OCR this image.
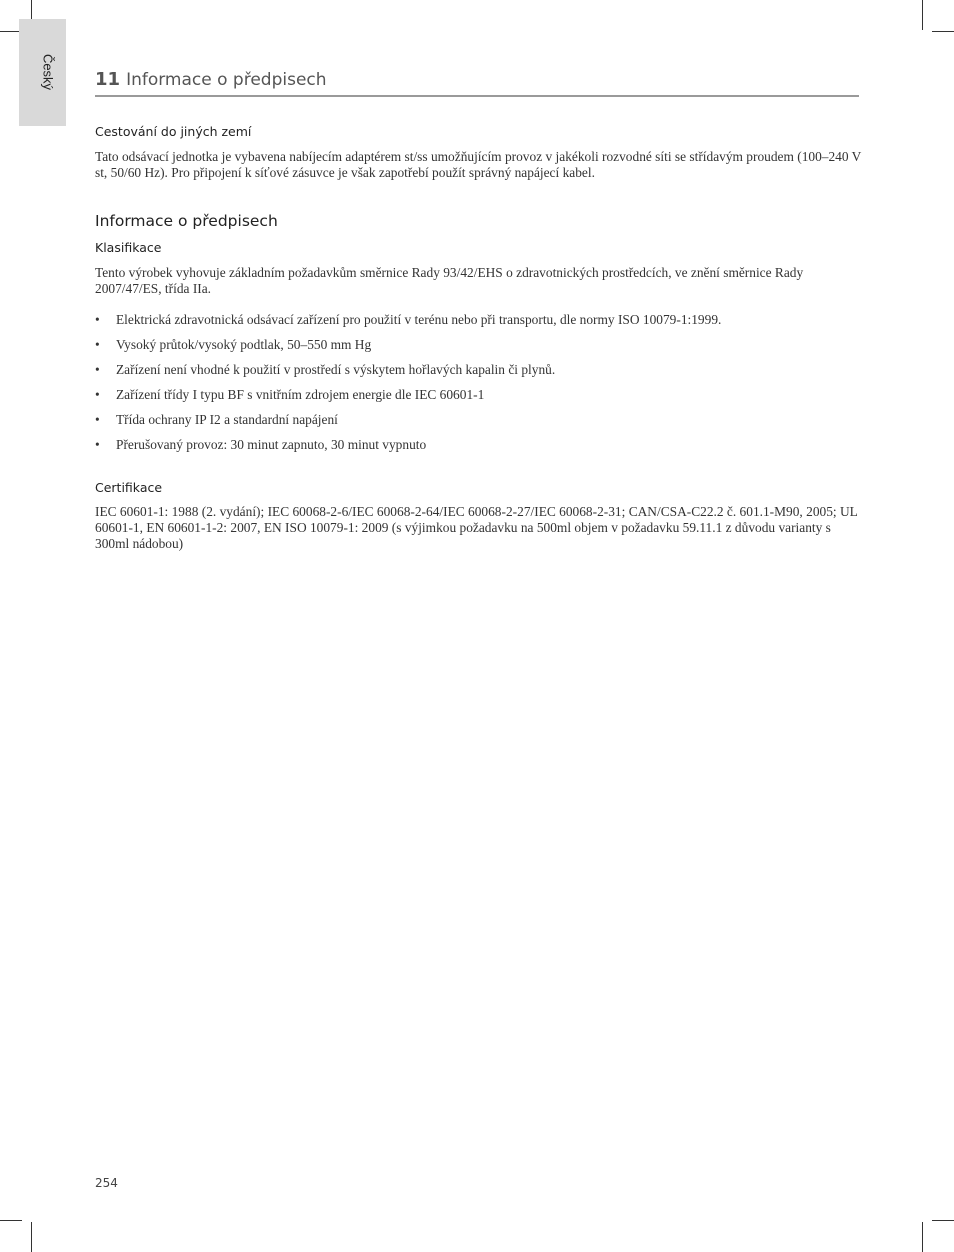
Český 11 Informace o předpisech
Cestování do jiných zemí
Tato odsávací jednotka je vybavena nabíjecím adaptérem st/ss umožňujícím provoz v jakékoli rozvodné síti se střídavým proudem (100–240 V st, 50/60 Hz). Pro připojení k síťové zásuvce je však zapotřebí použít správný napájecí kabel.
Informace o předpisech
Klasifikace
Tento výrobek vyhovuje základním požadavkům směrnice Rady 93/42/EHS o zdravotnických prostředcích, ve znění směrnice Rady 2007/47/ES, třída IIa.
• Elektrická zdravotnická odsávací zařízení pro použití v terénu nebo při transportu, dle normy ISO 10079-1:1999.
• Vysoký průtok/vysoký podtlak, 50–550 mm Hg
• Zařízení není vhodné k použití v prostředí s výskytem hořlavých kapalin či plynů.
• Zařízení třídy I typu BF s vnitřním zdrojem energie dle IEC 60601-1
• Třída ochrany IP I2 a standardní napájení
• Přerušovaný provoz: 30 minut zapnuto, 30 minut vypnuto
Certifikace
IEC 60601-1: 1988 (2. vydání); IEC 60068-2-6/IEC 60068-2-64/IEC 60068-2-27/IEC 60068-2-31; CAN/CSA-C22.2 č. 601.1-M90, 2005; UL 60601-1, EN 60601-1-2: 2007, EN ISO 10079-1: 2009 (s výjimkou požadavku na 500ml objem v požadavku 59.11.1 z důvodu varianty s 300ml nádobou)
254
